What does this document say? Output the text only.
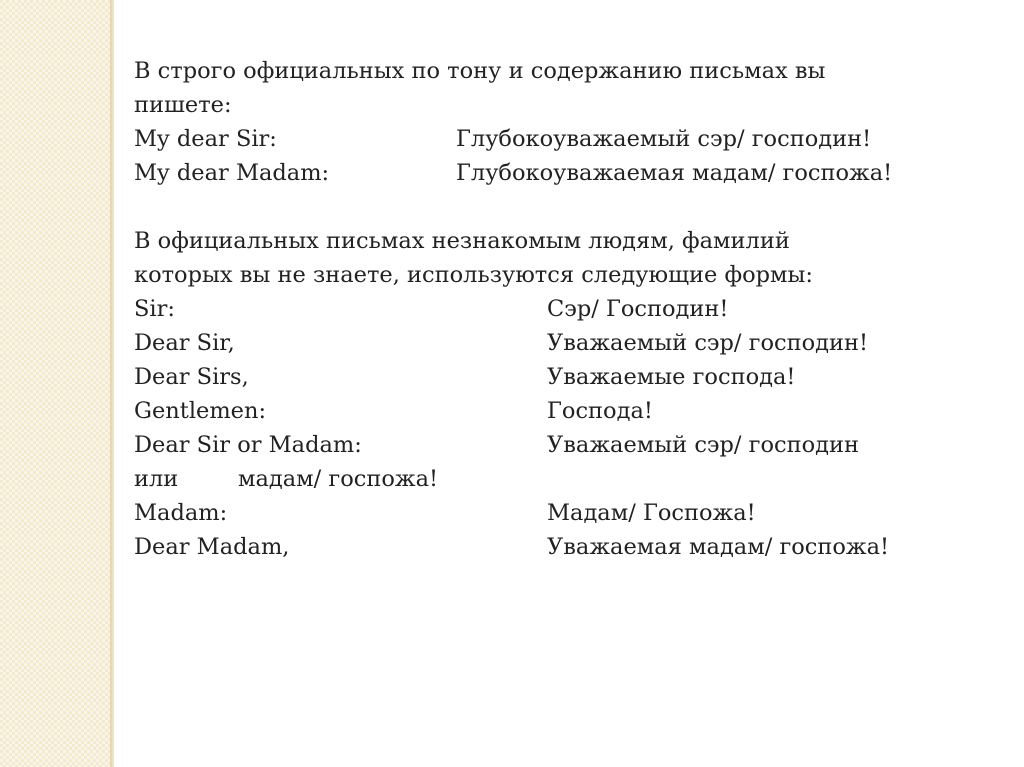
В строго официальных по тону и содержанию письмах вы
пишете:
My dear Sir:	Глубокоуважаемый сэр/ господин!
My dear Madam:	Глубокоуважаемая мадам/ госпожа!
В официальных письмах незнакомым людям, фамилий
которых вы не знаете, используются следующие формы:
Sir:	Сэр/ Господин!
Dear Sir,	Уважаемый сэр/ господин!
Dear Sirs,	Уважаемые господа!
Gentlemen:	Господа!
Dear Sir or Madam:	Уважаемый сэр/ господин
или	мадам/ госпожа!
Madam:	Мадам/ Госпожа!
Dear Madam,	Уважаемая мадам/ госпожа!
